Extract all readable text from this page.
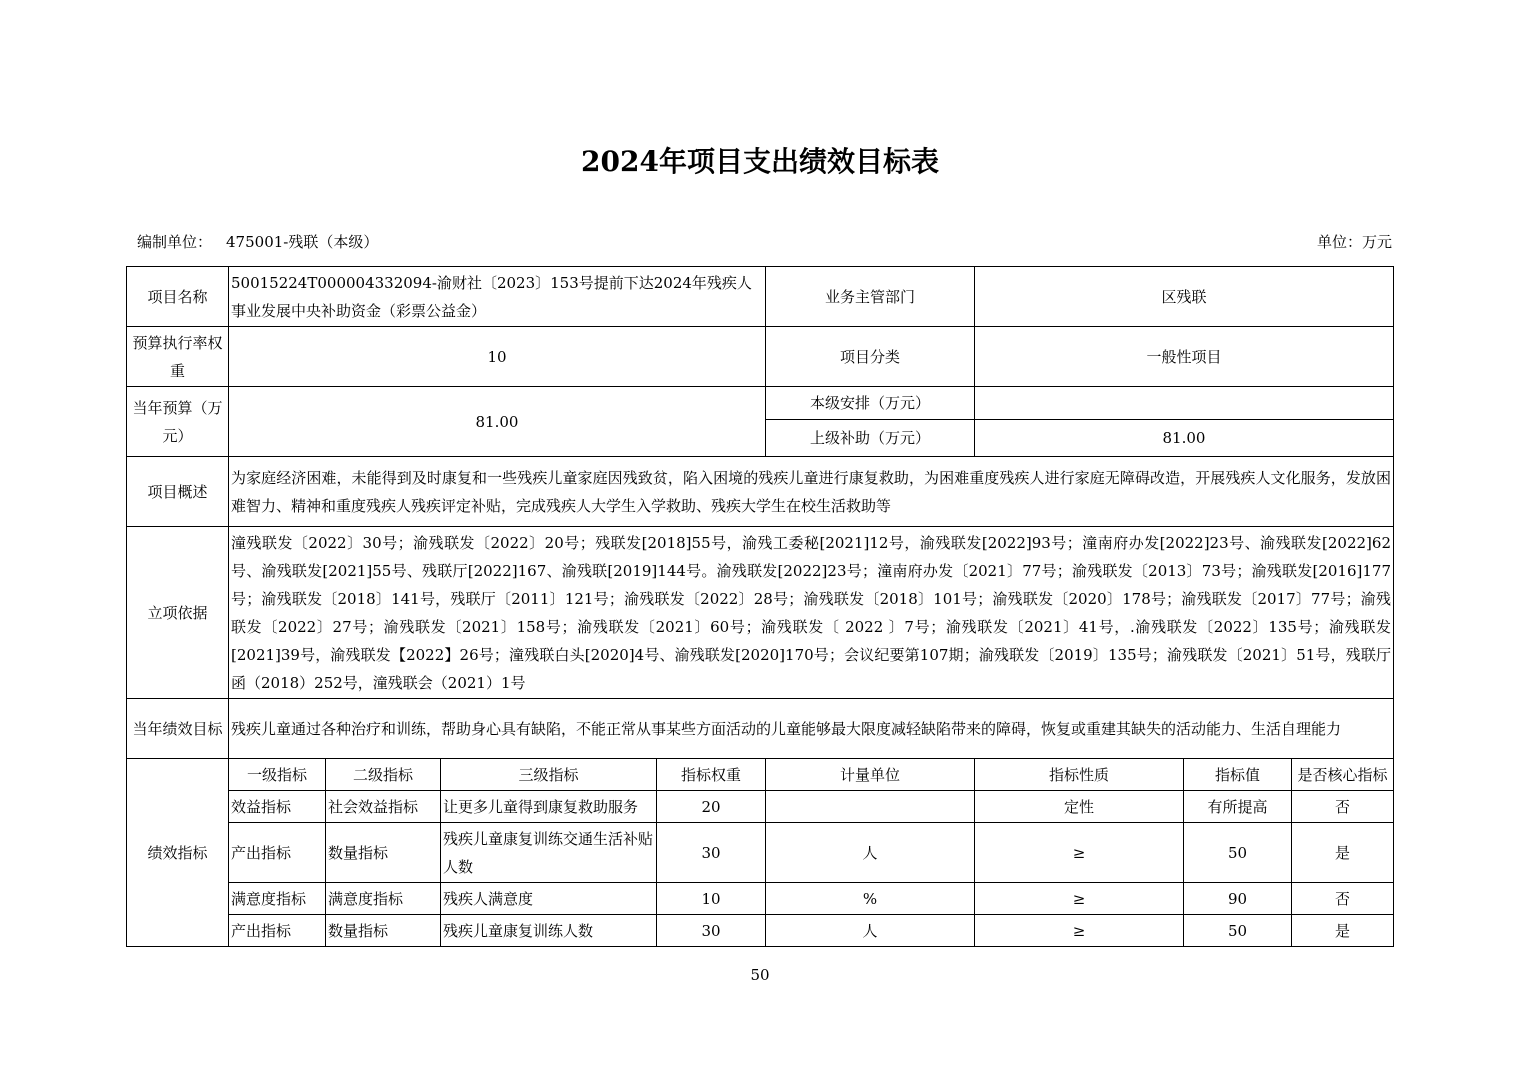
2024年项目支出绩效目标表
编制单位： 475001-残联（本级）	单位：万元
项目名称	50015224T000004332094-渝财社〔2023〕153号提前下达2024年残疾人事业发展中央补助资金（彩票公益金）				业务主管部门	区残联		
预算执行率权重	10				项目分类	一般性项目		
当年预算（万元）	81.00				本级安排（万元）			
					上级补助（万元）	81.00		
项目概述	为家庭经济困难，未能得到及时康复和一些残疾儿童家庭因残致贫，陷入困境的残疾儿童进行康复救助，为困难重度残疾人进行家庭无障碍改造，开展残疾人文化服务，发放困难智力、精神和重度残疾人残疾评定补贴，完成残疾人大学生入学救助、残疾大学生在校生活救助等							
立项依据	潼残联发〔2022〕30号；渝残联发〔2022〕20号；残联发[2018]55号，渝残工委秘[2021]12号，渝残联发[2022]93号；潼南府办发[2022]23号、渝残联发[2022]62号、渝残联发[2021]55号、残联厅[2022]167、渝残联[2019]144号。渝残联发[2022]23号；潼南府办发〔2021〕77号；渝残联发〔2013〕73号；渝残联发[2016]177号；渝残联发〔2018〕141号，残联厅〔2011〕121号；渝残联发〔2022〕28号；渝残联发〔2018〕101号；渝残联发〔2020〕178号；渝残联发〔2017〕77号；渝残联发〔2022〕27号；渝残联发〔2021〕158号；渝残联发〔2021〕60号；渝残联发〔 2022 〕7号；渝残联发〔2021〕41号，.渝残联发〔2022〕135号；渝残联发[2021]39号，渝残联发【2022】26号；潼残联白头[2020]4号、渝残联发[2020]170号；会议纪要第107期；渝残联发〔2019〕135号；渝残联发〔2021〕51号，残联厅函（2018）252号，潼残联会（2021）1号							
当年绩效目标	残疾儿童通过各种治疗和训练，帮助身心具有缺陷，不能正常从事某些方面活动的儿童能够最大限度减轻缺陷带来的障碍，恢复或重建其缺失的活动能力、生活自理能力							
绩效指标	一级指标	二级指标	三级指标	指标权重	计量单位	指标性质	指标值	是否核心指标
	效益指标	社会效益指标	让更多儿童得到康复救助服务	20		定性	有所提高	否
	产出指标	数量指标	残疾儿童康复训练交通生活补贴人数	30	人	≥	50	是
	满意度指标	满意度指标	残疾人满意度	10	%	≥	90	否
	产出指标	数量指标	残疾儿童康复训练人数	30	人	≥	50	是
50
